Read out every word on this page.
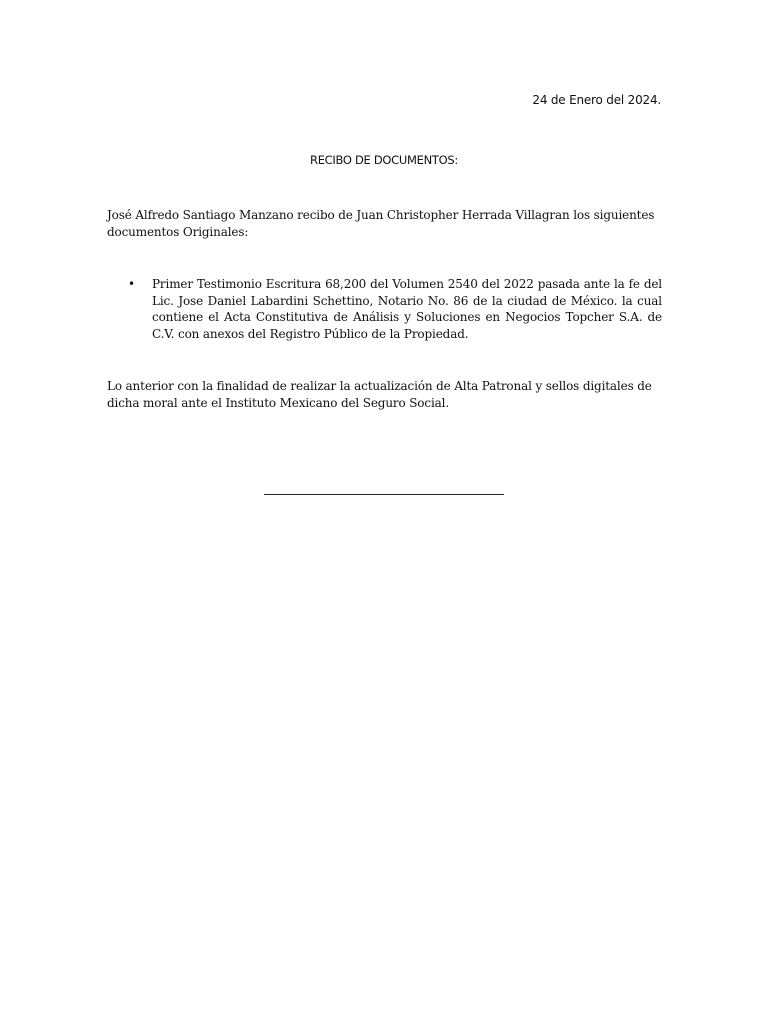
24 de Enero del 2024.
RECIBO DE DOCUMENTOS:
José Alfredo Santiago Manzano recibo de Juan Christopher Herrada Villagran los siguientes documentos Originales:
• Primer Testimonio Escritura 68,200 del Volumen 2540 del 2022 pasada ante la fe del Lic. Jose Daniel Labardini Schettino, Notario No. 86 de la ciudad de México. la cual contiene el Acta Constitutiva de Análisis y Soluciones en Negocios Topcher S.A. de C.V. con anexos del Registro Público de la Propiedad.
Lo anterior con la finalidad de realizar la actualización de Alta Patronal y sellos digitales de dicha moral ante el Instituto Mexicano del Seguro Social.
